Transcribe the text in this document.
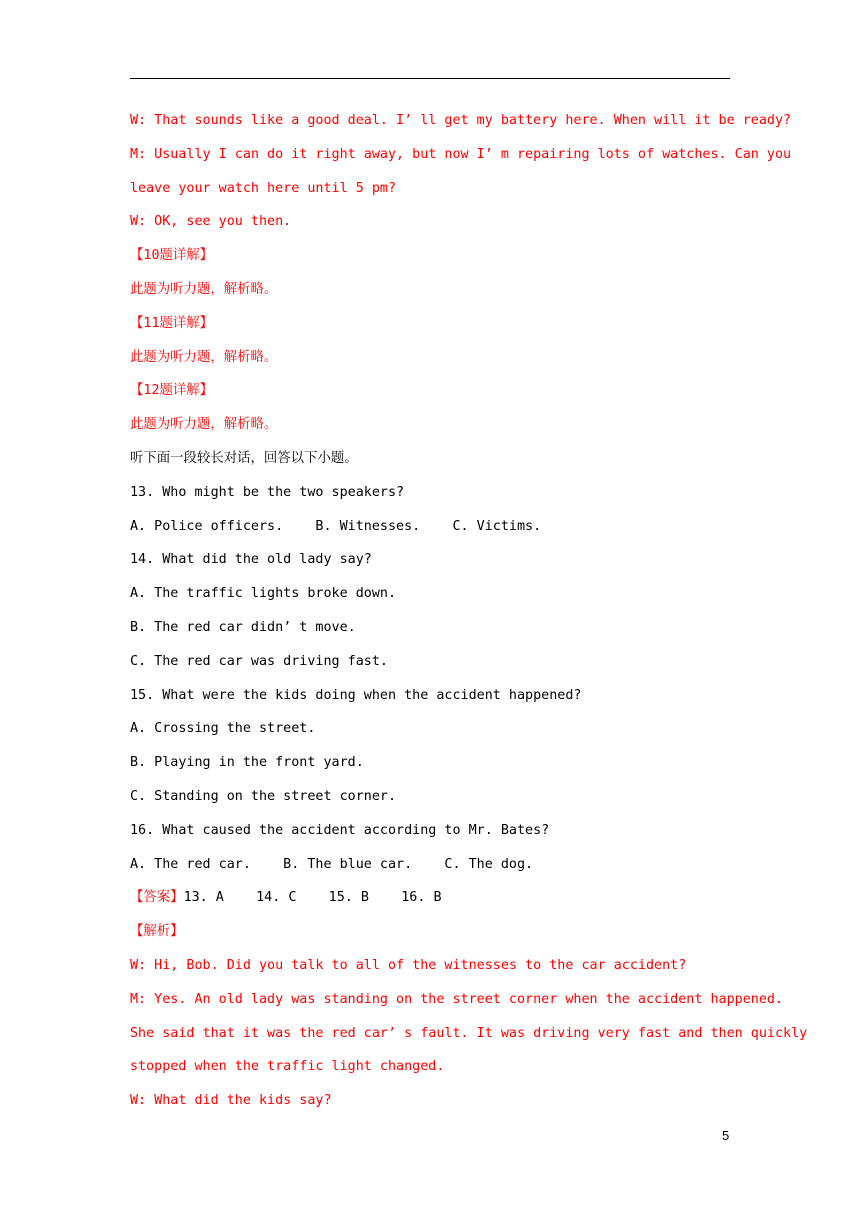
W: That sounds like a good deal. I’ ll get my battery here. When will it be ready?
M: Usually I can do it right away, but now I’ m repairing lots of watches. Can you
leave your watch here until 5 pm?
W: OK, see you then.
【10题详解】
此题为听力题，解析略。
【11题详解】
此题为听力题，解析略。
【12题详解】
此题为听力题，解析略。
听下面一段较长对话，回答以下小题。
13. Who might be the two speakers?
A. Police officers.    B. Witnesses.    C. Victims.
14. What did the old lady say?
A. The traffic lights broke down.
B. The red car didn’ t move.
C. The red car was driving fast.
15. What were the kids doing when the accident happened?
A. Crossing the street.
B. Playing in the front yard.
C. Standing on the street corner.
16. What caused the accident according to Mr. Bates?
A. The red car.    B. The blue car.    C. The dog.
【答案】13. A    14. C    15. B    16. B
【解析】
W: Hi, Bob. Did you talk to all of the witnesses to the car accident?
M: Yes. An old lady was standing on the street corner when the accident happened.
She said that it was the red car’ s fault. It was driving very fast and then quickly
stopped when the traffic light changed.
W: What did the kids say?
5
